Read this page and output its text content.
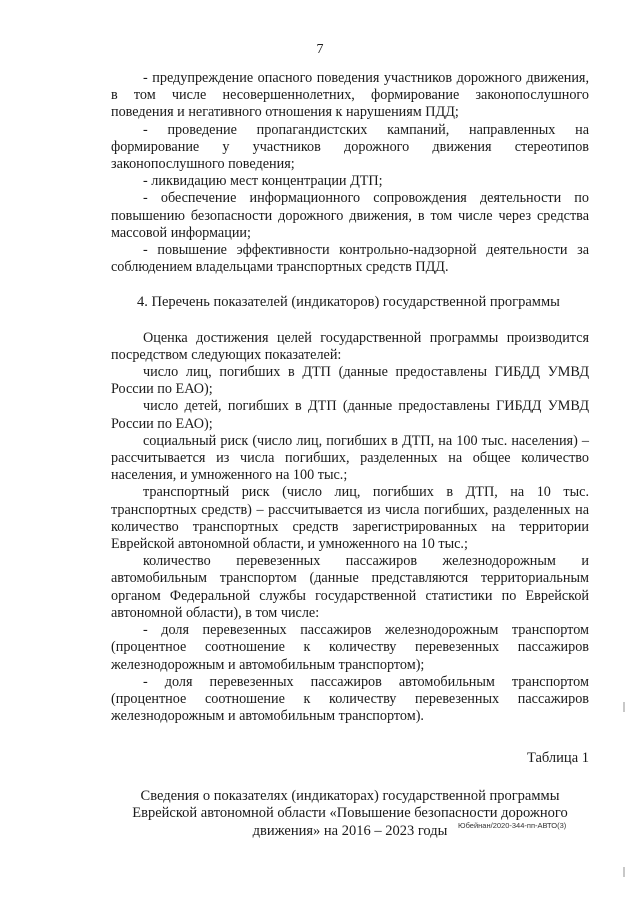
7

- предупреждение опасного поведения участников дорожного движения, в том числе несовершеннолетних, формирование законопослушного поведения и негативного отношения к нарушениям ПДД;

- проведение пропагандистских кампаний, направленных на формирование у участников дорожного движения стереотипов законопослушного поведения;

- ликвидацию мест концентрации ДТП;

- обеспечение информационного сопровождения деятельности по повышению безопасности дорожного движения, в том числе через средства массовой информации;

- повышение эффективности контрольно-надзорной деятельности за соблюдением владельцами транспортных средств ПДД.

4. Перечень показателей (индикаторов) государственной программы

Оценка достижения целей государственной программы производится посредством следующих показателей:

число лиц, погибших в ДТП (данные предоставлены ГИБДД УМВД России по ЕАО);

число детей, погибших в ДТП (данные предоставлены ГИБДД УМВД России по ЕАО);

социальный риск (число лиц, погибших в ДТП, на 100 тыс. населения) – рассчитывается из числа погибших, разделенных на общее количество населения, и умноженного на 100 тыс.;

транспортный риск (число лиц, погибших в ДТП, на 10 тыс. транспортных средств) – рассчитывается из числа погибших, разделенных на количество транспортных средств зарегистрированных на территории Еврейской автономной области, и умноженного на 10 тыс.;

количество перевезенных пассажиров железнодорожным и автомобильным транспортом (данные представляются территориальным органом Федеральной службы государственной статистики по Еврейской автономной области), в том числе:

- доля перевезенных пассажиров железнодорожным транспортом (процентное соотношение к количеству перевезенных пассажиров железнодорожным и автомобильным транспортом);

- доля перевезенных пассажиров автомобильным транспортом (процентное соотношение к количеству перевезенных пассажиров железнодорожным и автомобильным транспортом).

Таблица 1

Сведения о показателях (индикаторах) государственной программы Еврейской автономной области «Повышение безопасности дорожного движения» на 2016 – 2023 годы	Юбейнан/2020-344-пп-АВТО(3)
